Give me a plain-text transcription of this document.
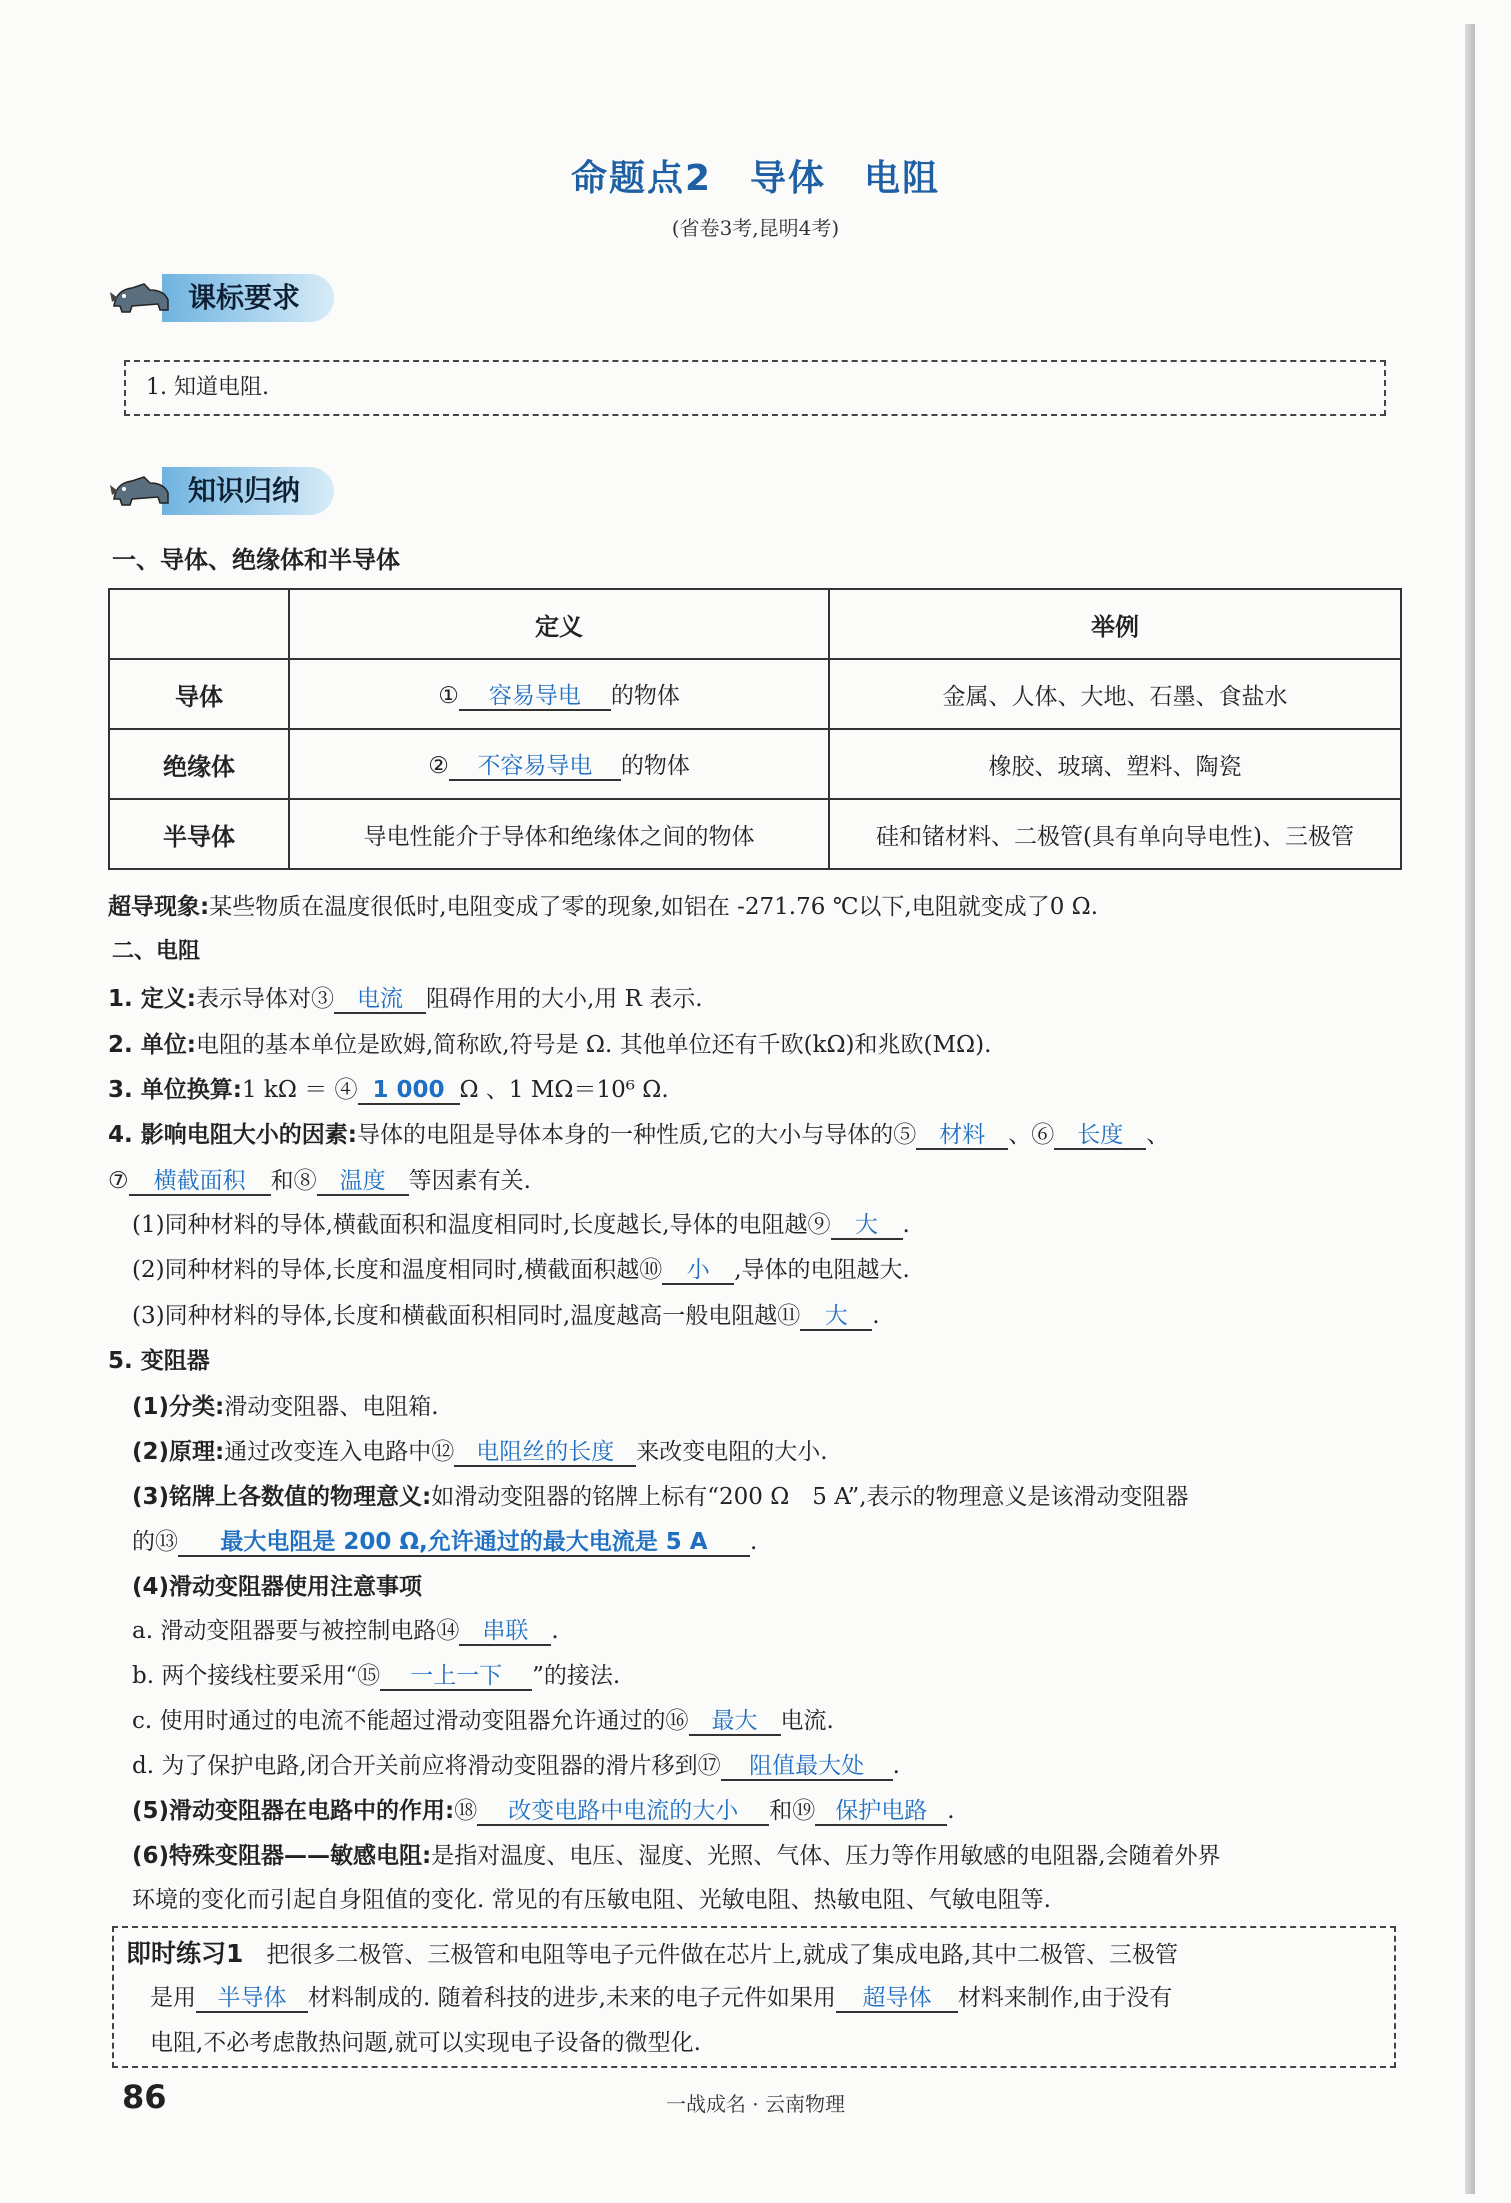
命题点2　导体　电阻
(省卷3考,昆明4考)
课标要求
1. 知道电阻.
知识归纳
一、导体、绝缘体和半导体
	定义	举例
导体	① 容易导电 的物体	金属、人体、大地、石墨、食盐水
绝缘体	② 不容易导电 的物体	橡胶、玻璃、塑料、陶瓷
半导体	导电性能介于导体和绝缘体之间的物体	硅和锗材料、二极管(具有单向导电性)、三极管
超导现象:某些物质在温度很低时,电阻变成了零的现象,如铝在 -271.76 ℃以下,电阻就变成了0 Ω.
二、电阻
1. 定义:表示导体对③ 电流 阻碍作用的大小,用 R 表示.
2. 单位:电阻的基本单位是欧姆,简称欧,符号是 Ω. 其他单位还有千欧(kΩ)和兆欧(MΩ).
3. 单位换算:1 kΩ ＝ ④ 1 000 Ω 、1 MΩ＝10⁶ Ω.
4. 影响电阻大小的因素:导体的电阻是导体本身的一种性质,它的大小与导体的⑤ 材料 、⑥ 长度 、
⑦ 横截面积 和⑧ 温度 等因素有关.
(1)同种材料的导体,横截面积和温度相同时,长度越长,导体的电阻越⑨ 大 .
(2)同种材料的导体,长度和温度相同时,横截面积越⑩ 小 ,导体的电阻越大.
(3)同种材料的导体,长度和横截面积相同时,温度越高一般电阻越⑪ 大 .
5. 变阻器
(1)分类:滑动变阻器、电阻箱.
(2)原理:通过改变连入电路中⑫ 电阻丝的长度 来改变电阻的大小.
(3)铭牌上各数值的物理意义:如滑动变阻器的铭牌上标有“200 Ω　5 A”,表示的物理意义是该滑动变阻器
的⑬ 最大电阻是 200 Ω,允许通过的最大电流是 5 A .
(4)滑动变阻器使用注意事项
a. 滑动变阻器要与被控制电路⑭ 串联 .
b. 两个接线柱要采用“⑮ 一上一下 ”的接法.
c. 使用时通过的电流不能超过滑动变阻器允许通过的⑯ 最大 电流.
d. 为了保护电路,闭合开关前应将滑动变阻器的滑片移到⑰ 阻值最大处 .
(5)滑动变阻器在电路中的作用:⑱ 改变电路中电流的大小 和⑲ 保护电路 .
(6)特殊变阻器——敏感电阻:是指对温度、电压、湿度、光照、气体、压力等作用敏感的电阻器,会随着外界
环境的变化而引起自身阻值的变化. 常见的有压敏电阻、光敏电阻、热敏电阻、气敏电阻等.
即时练习1　 把很多二极管、三极管和电阻等电子元件做在芯片上,就成了集成电路,其中二极管、三极管
是用 半导体 材料制成的. 随着科技的进步,未来的电子元件如果用 超导体 材料来制作,由于没有
电阻,不必考虑散热问题,就可以实现电子设备的微型化.
86	一战成名 · 云南物理
